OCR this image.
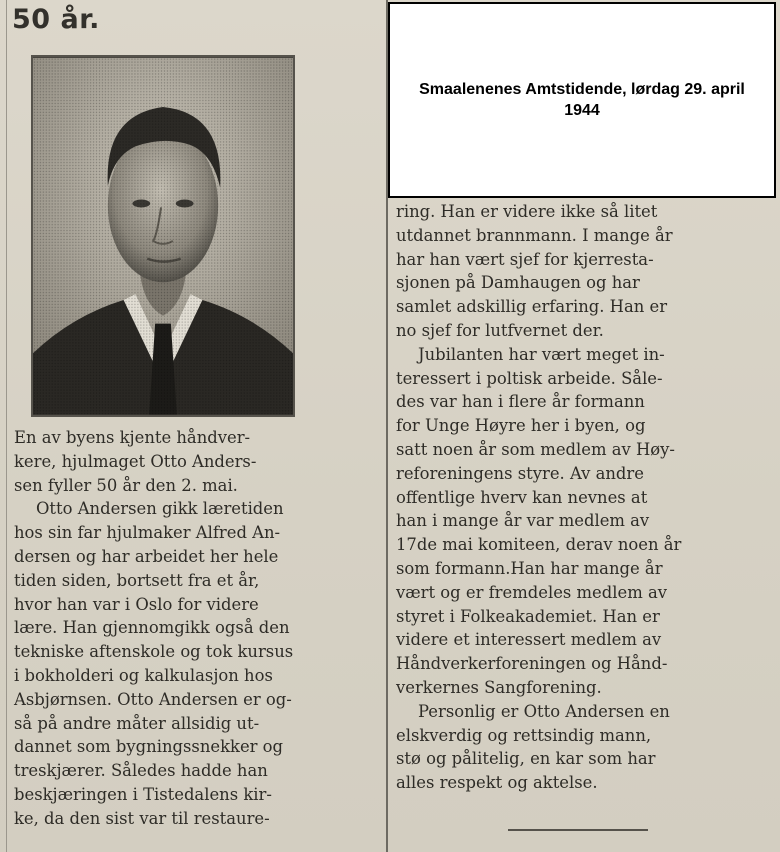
50 år.
Smaalenenes Amtstidende, lørdag 29. april 1944
En av byens kjente håndver-
kere, hjulmaget Otto Anders-
sen fyller 50 år den 2. mai.
Otto Andersen gikk læretiden
hos sin far hjulmaker Alfred An-
dersen og har arbeidet her hele
tiden siden, bortsett fra et år,
hvor han var i Oslo for videre
lære. Han gjennomgikk også den
tekniske aftenskole og tok kursus
i bokholderi og kalkulasjon hos
Asbjørnsen. Otto Andersen er og-
så på andre måter allsidig ut-
dannet som bygningssnekker og
treskjærer. Således hadde han
beskjæringen i Tistedalens kir-
ke, da den sist var til restaure-
ring. Han er videre ikke så litet
utdannet brannmann. I mange år
har han vært sjef for kjerresta-
sjonen på Damhaugen og har
samlet adskillig erfaring. Han er
no sjef for lutfvernet der.
Jubilanten har vært meget in-
teressert i poltisk arbeide. Såle-
des var han i flere år formann
for Unge Høyre her i byen, og
satt noen år som medlem av Høy-
reforeningens styre. Av andre
offentlige hverv kan nevnes at
han i mange år var medlem av
17de mai komiteen, derav noen år
som formann.Han har mange år
vært og er fremdeles medlem av
styret i Folkeakademiet. Han er
videre et interessert medlem av
Håndverkerforeningen og Hånd-
verkernes Sangforening.
Personlig er Otto Andersen en
elskverdig og rettsindig mann,
stø og pålitelig, en kar som har
alles respekt og aktelse.
